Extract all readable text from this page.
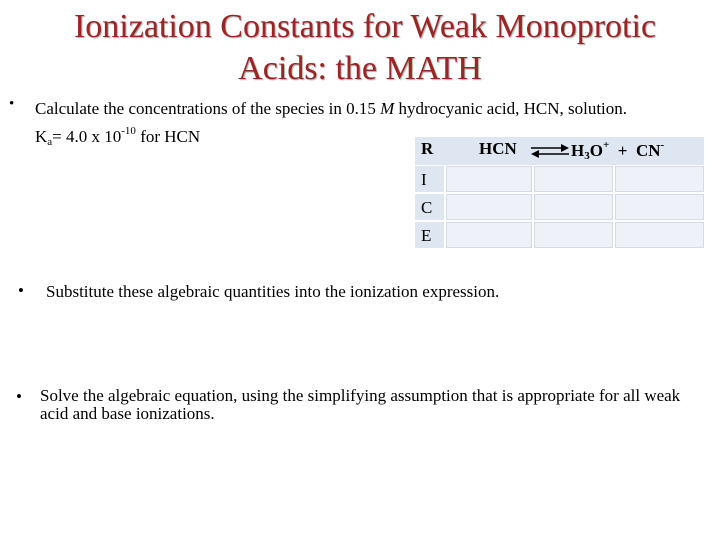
Ionization Constants for Weak Monoprotic
Acids: the MATH
• Calculate the concentrations of the species in 0.15 M hydrocyanic acid, HCN, solution.
$K_a= 4.0$ x $10^{-10}$ for HCN
R	HCN ⇌ $H_3O^+ + CN^-$
I
C
E
• Substitute these algebraic quantities into the ionization expression.
• Solve the algebraic equation, using the simplifying assumption that is appropriate for all weak acid and base ionizations.
